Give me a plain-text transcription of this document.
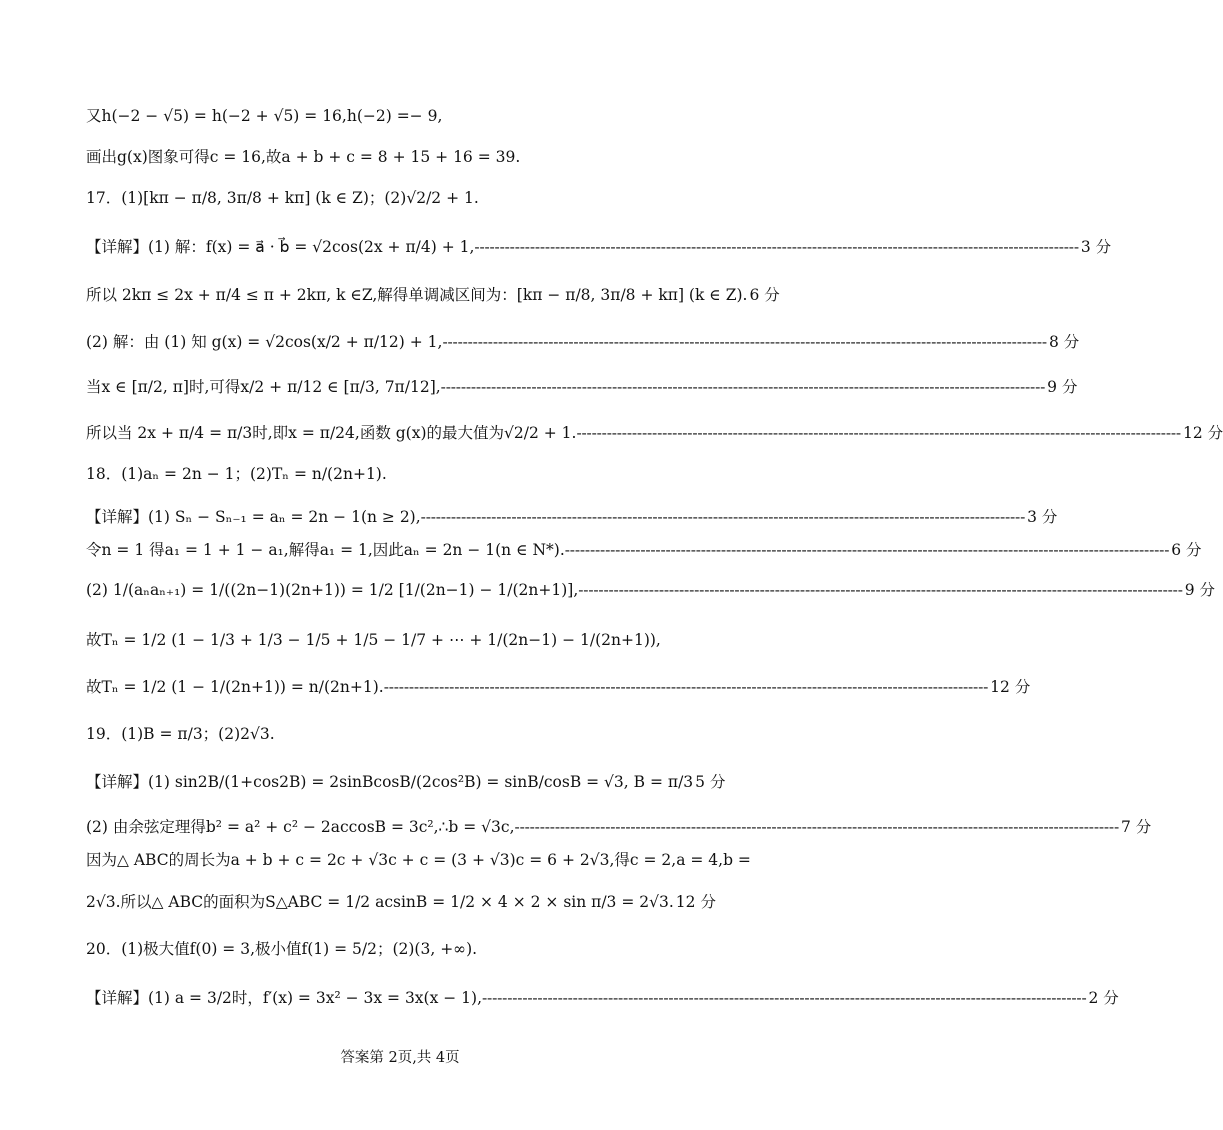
又h(−2 − √5) = h(−2 + √5) = 16,h(−2) =− 9,
画出g(x)图象可得c = 16,故a + b + c = 8 + 15 + 16 = 39.
17．(1)[kπ − π/8, 3π/8 + kπ] (k ∈ Z)；(2)√2/2 + 1.
【详解】(1) 解：f(x) = a⃗ · b⃗ = √2cos(2x + π/4) + 1, ------------------------------------------------------------------------------------------------------------------------ 3 分
所以 2kπ ≤ 2x + π/4 ≤ π + 2kπ, k ∈Z,解得单调减区间为：[kπ − π/8, 3π/8 + kπ] (k ∈ Z). 6 分
(2) 解：由 (1) 知 g(x) = √2cos(x/2 + π/12) + 1, ------------------------------------------------------------------------------------------------------------------------ 8 分
当x ∈ [π/2, π]时,可得x/2 + π/12 ∈ [π/3, 7π/12], ------------------------------------------------------------------------------------------------------------------------ 9 分
所以当 2x + π/4 = π/3时,即x = π/24,函数 g(x)的最大值为√2/2 + 1. ------------------------------------------------------------------------------------------------------------------------ 12 分
18．(1)aₙ = 2n − 1；(2)Tₙ = n/(2n+1).
【详解】(1) Sₙ − Sₙ₋₁ = aₙ = 2n − 1(n ≥ 2), ------------------------------------------------------------------------------------------------------------------------ 3 分
令n = 1 得a₁ = 1 + 1 − a₁,解得a₁ = 1,因此aₙ = 2n − 1(n ∈ N*). ------------------------------------------------------------------------------------------------------------------------ 6 分
(2) 1/(aₙaₙ₊₁) = 1/((2n−1)(2n+1)) = 1/2 [1/(2n−1) − 1/(2n+1)], ------------------------------------------------------------------------------------------------------------------------ 9 分
故Tₙ = 1/2 (1 − 1/3 + 1/3 − 1/5 + 1/5 − 1/7 + ⋯ + 1/(2n−1) − 1/(2n+1)),
故Tₙ = 1/2 (1 − 1/(2n+1)) = n/(2n+1). ------------------------------------------------------------------------------------------------------------------------ 12 分
19．(1)B = π/3；(2)2√3.
【详解】(1) sin2B/(1+cos2B) = 2sinBcosB/(2cos²B) = sinB/cosB = √3, B = π/3 5 分
(2) 由余弦定理得b² = a² + c² − 2accosB = 3c²,∴b = √3c, ------------------------------------------------------------------------------------------------------------------------ 7 分
因为△ ABC的周长为a + b + c = 2c + √3c + c = (3 + √3)c = 6 + 2√3,得c = 2,a = 4,b =
2√3.所以△ ABC的面积为S△ABC = 1/2 acsinB = 1/2 × 4 × 2 × sin π/3 = 2√3. 12 分
20．(1)极大值f(0) = 3,极小值f(1) = 5/2；(2)(3, +∞).
【详解】(1) a = 3/2时，f′(x) = 3x² − 3x = 3x(x − 1), ------------------------------------------------------------------------------------------------------------------------ 2 分
答案第 2页,共 4页
